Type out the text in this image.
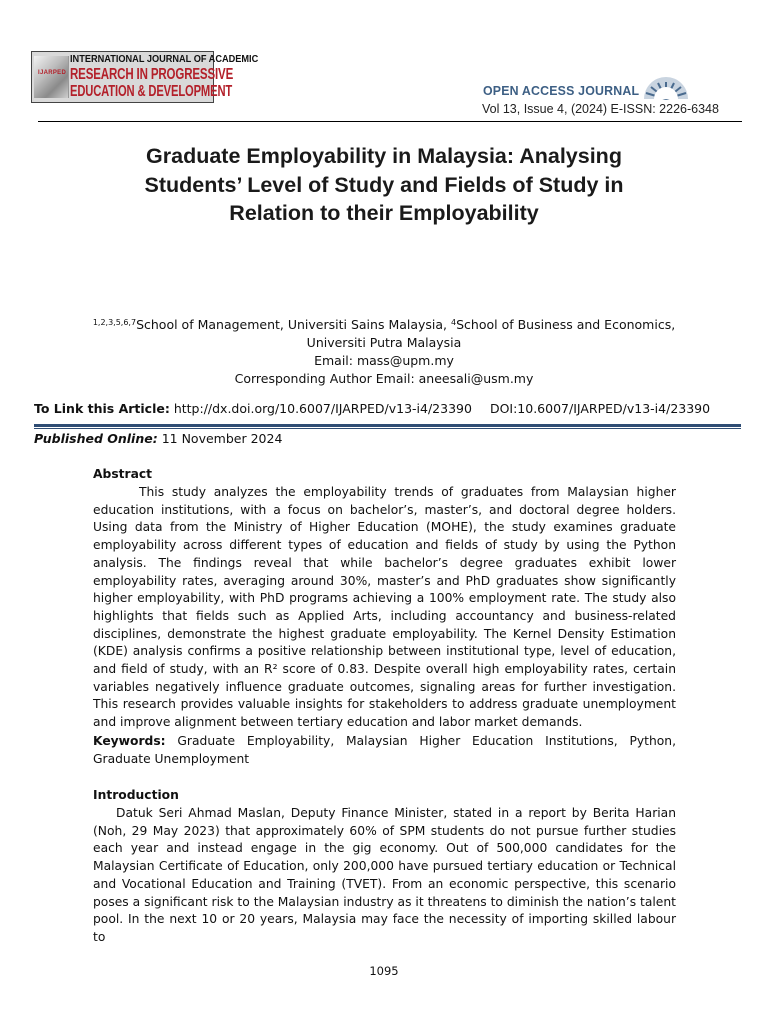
IJARPED
INTERNATIONAL JOURNAL OF ACADEMIC
RESEARCH IN PROGRESSIVE
EDUCATION & DEVELOPMENT	OPEN ACCESS JOURNAL
Vol 13, Issue 4, (2024) E-ISSN: 2226-6348
Graduate Employability in Malaysia: Analysing
Students’ Level of Study and Fields of Study in
Relation to their Employability
$^{1,2,3,5,6,7}$School of Management, Universiti Sains Malaysia, $^4$School of Business and Economics,
Universiti Putra Malaysia
Email: mass@upm.my
Corresponding Author Email: aneesali@usm.my
To Link this Article: http://dx.doi.org/10.6007/IJARPED/v13-i4/23390 DOI:10.6007/IJARPED/v13-i4/23390
Published Online: 11 November 2024
Abstract
This study analyzes the employability trends of graduates from Malaysian higher education institutions, with a focus on bachelor’s, master’s, and doctoral degree holders. Using data from the Ministry of Higher Education (MOHE), the study examines graduate employability across different types of education and fields of study by using the Python analysis. The findings reveal that while bachelor’s degree graduates exhibit lower employability rates, averaging around 30%, master’s and PhD graduates show significantly higher employability, with PhD programs achieving a 100% employment rate. The study also highlights that fields such as Applied Arts, including accountancy and business-related disciplines, demonstrate the highest graduate employability. The Kernel Density Estimation (KDE) analysis confirms a positive relationship between institutional type, level of education, and field of study, with an R² score of 0.83. Despite overall high employability rates, certain variables negatively influence graduate outcomes, signaling areas for further investigation. This research provides valuable insights for stakeholders to address graduate unemployment and improve alignment between tertiary education and labor market demands.
Keywords: Graduate Employability, Malaysian Higher Education Institutions, Python, Graduate Unemployment
Introduction
Datuk Seri Ahmad Maslan, Deputy Finance Minister, stated in a report by Berita Harian (Noh, 29 May 2023) that approximately 60% of SPM students do not pursue further studies each year and instead engage in the gig economy. Out of 500,000 candidates for the Malaysian Certificate of Education, only 200,000 have pursued tertiary education or Technical and Vocational Education and Training (TVET). From an economic perspective, this scenario poses a significant risk to the Malaysian industry as it threatens to diminish the nation’s talent pool. In the next 10 or 20 years, Malaysia may face the necessity of importing skilled labour to
1095
